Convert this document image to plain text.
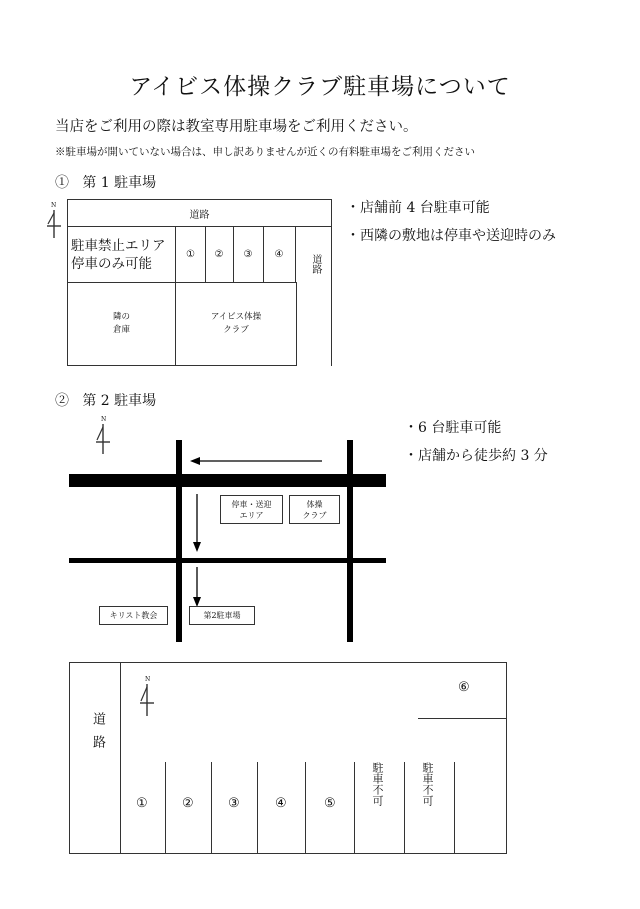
アイビス体操クラブ駐車場について
当店をご利用の際は教室専用駐車場をご利用ください。
※駐車場が開いていない場合は、申し訳ありませんが近くの有料駐車場をご利用ください
① 第 1 駐車場
N
道路
道路
駐車禁止エリア
停車のみ可能
① ② ③ ④
隣の
倉庫
アイビス体操
クラブ
・店舗前 4 台駐車可能
・西隣の敷地は停車や送迎時のみ
② 第 2 駐車場
N
停車・送迎
エリア
体操
クラブ
キリスト教会	第2駐車場
・6 台駐車可能
・店舗から徒歩約 3 分
道路
N
⑥
①	②	③	④	⑤	駐車不可	駐車不可
